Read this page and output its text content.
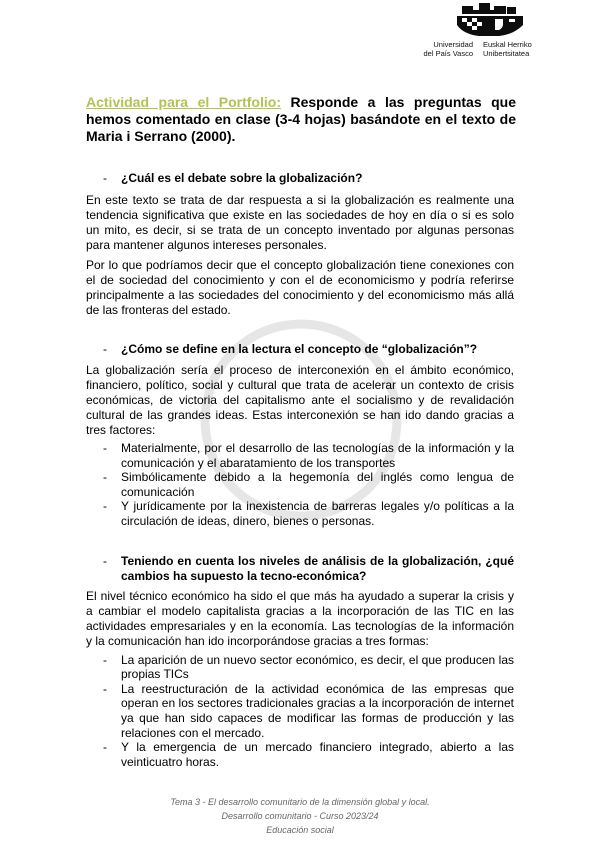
Universidad
del País Vasco
Euskal Herriko
Unibertsitatea

Actividad para el Portfolio: Responde a las preguntas que hemos comentado en clase (3-4 hojas) basándote en el texto de Maria i Serrano (2000).

- ¿Cuál es el debate sobre la globalización?

En este texto se trata de dar respuesta a si la globalización es realmente una tendencia significativa que existe en las sociedades de hoy en día o si es solo un mito, es decir, si se trata de un concepto inventado por algunas personas para mantener algunos intereses personales.

Por lo que podríamos decir que el concepto globalización tiene conexiones con el de sociedad del conocimiento y con el de economicismo y podría referirse principalmente a las sociedades del conocimiento y del economicismo más allá de las fronteras del estado.

- ¿Cómo se define en la lectura el concepto de “globalización”?

La globalización sería el proceso de interconexión en el ámbito económico, financiero, político, social y cultural que trata de acelerar un contexto de crisis económicas, de victoria del capitalismo ante el socialismo y de revalidación cultural de las grandes ideas. Estas interconexión se han ido dando gracias a tres factores:

- Materialmente, por el desarrollo de las tecnologías de la información y la comunicación y el abaratamiento de los transportes
- Simbólicamente debido a la hegemonía del inglés como lengua de comunicación
- Y jurídicamente por la inexistencia de barreras legales y/o políticas a la circulación de ideas, dinero, bienes o personas.

- Teniendo en cuenta los niveles de análisis de la globalización, ¿qué cambios ha supuesto la tecno-económica?

El nivel técnico económico ha sido el que más ha ayudado a superar la crisis y a cambiar el modelo capitalista gracias a la incorporación de las TIC en las actividades empresariales y en la economía. Las tecnologías de la información y la comunicación han ido incorporándose gracias a tres formas:

- La aparición de un nuevo sector económico, es decir, el que producen las propias TICs
- La reestructuración de la actividad económica de las empresas que operan en los sectores tradicionales gracias a la incorporación de internet ya que han sido capaces de modificar las formas de producción y las relaciones con el mercado.
- Y la emergencia de un mercado financiero integrado, abierto a las veinticuatro horas.
Tema 3 - El desarrollo comunitario de la dimensión global y local.
Desarrollo comunitario - Curso 2023/24
Educación social
